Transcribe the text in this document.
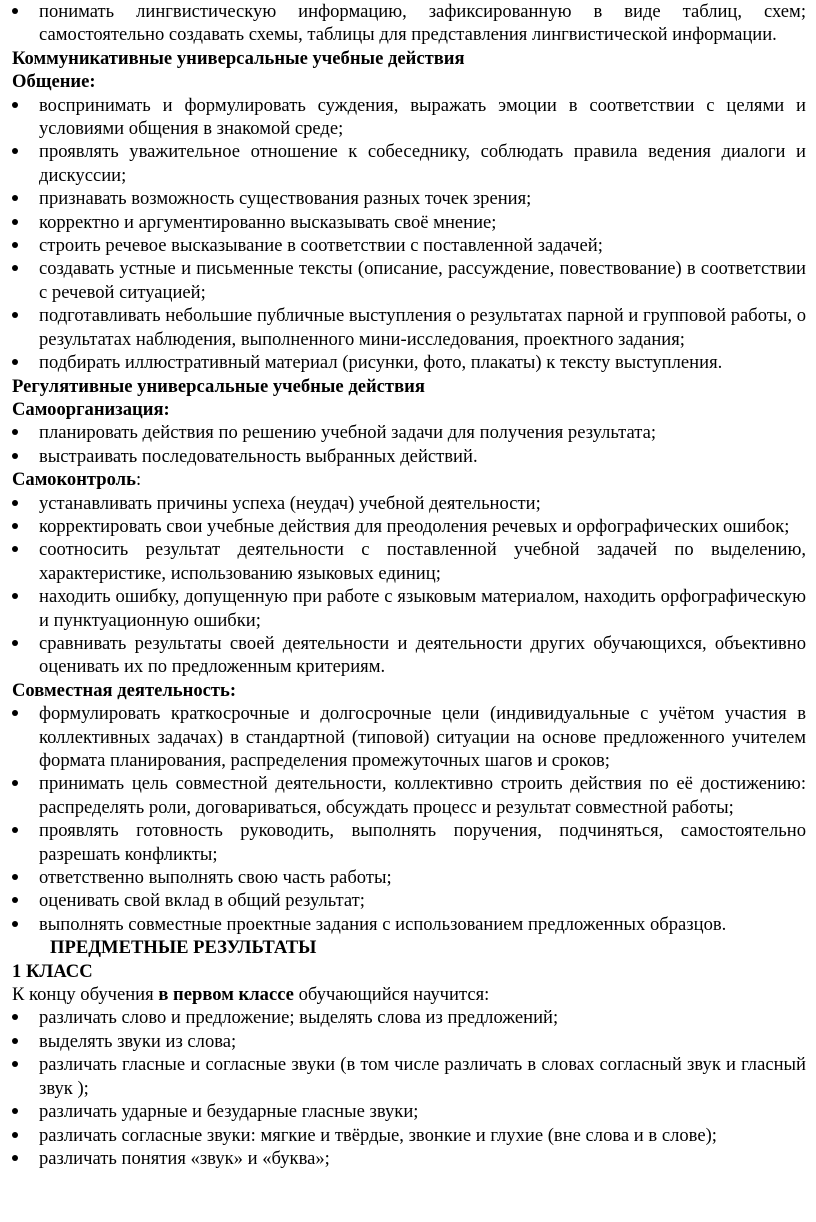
понимать лингвистическую информацию, зафиксированную в виде таблиц, схем; самостоятельно создавать схемы, таблицы для представления лингвистической информации.

Коммуникативные универсальные учебные действия

Общение:

воспринимать и формулировать суждения, выражать эмоции в соответствии с целями и условиями общения в знакомой среде;

проявлять уважительное отношение к собеседнику, соблюдать правила ведения диалоги и дискуссии;

признавать возможность существования разных точек зрения;

корректно и аргументированно высказывать своё мнение;

строить речевое высказывание в соответствии с поставленной задачей;

создавать устные и письменные тексты (описание, рассуждение, повествование) в соответствии с речевой ситуацией;

подготавливать небольшие публичные выступления о результатах парной и групповой работы, о результатах наблюдения, выполненного мини-исследования, проектного задания;

подбирать иллюстративный материал (рисунки, фото, плакаты) к тексту выступления.

Регулятивные универсальные учебные действия

Самоорганизация:

планировать действия по решению учебной задачи для получения результата;

выстраивать последовательность выбранных действий.

Самоконтроль:

устанавливать причины успеха (неудач) учебной деятельности;

корректировать свои учебные действия для преодоления речевых и орфографических ошибок;

соотносить результат деятельности с поставленной учебной задачей по выделению, характеристике, использованию языковых единиц;

находить ошибку, допущенную при работе с языковым материалом, находить орфографическую и пунктуационную ошибки;

сравнивать результаты своей деятельности и деятельности других обучающихся, объективно оценивать их по предложенным критериям.

Совместная деятельность:

формулировать краткосрочные и долгосрочные цели (индивидуальные с учётом участия в коллективных задачах) в стандартной (типовой) ситуации на основе предложенного учителем формата планирования, распределения промежуточных шагов и сроков;

принимать цель совместной деятельности, коллективно строить действия по её достижению: распределять роли, договариваться, обсуждать процесс и результат совместной работы;

проявлять готовность руководить, выполнять поручения, подчиняться, самостоятельно разрешать конфликты;

ответственно выполнять свою часть работы;

оценивать свой вклад в общий результат;

выполнять совместные проектные задания с использованием предложенных образцов.

ПРЕДМЕТНЫЕ РЕЗУЛЬТАТЫ

1 КЛАСС

К концу обучения в первом классе обучающийся научится:

различать слово и предложение; выделять слова из предложений;

выделять звуки из слова;

различать гласные и согласные звуки (в том числе различать в словах согласный звук и гласный звук );

различать ударные и безударные гласные звуки;

различать согласные звуки: мягкие и твёрдые, звонкие и глухие (вне слова и в слове);

различать понятия «звук» и «буква»;
